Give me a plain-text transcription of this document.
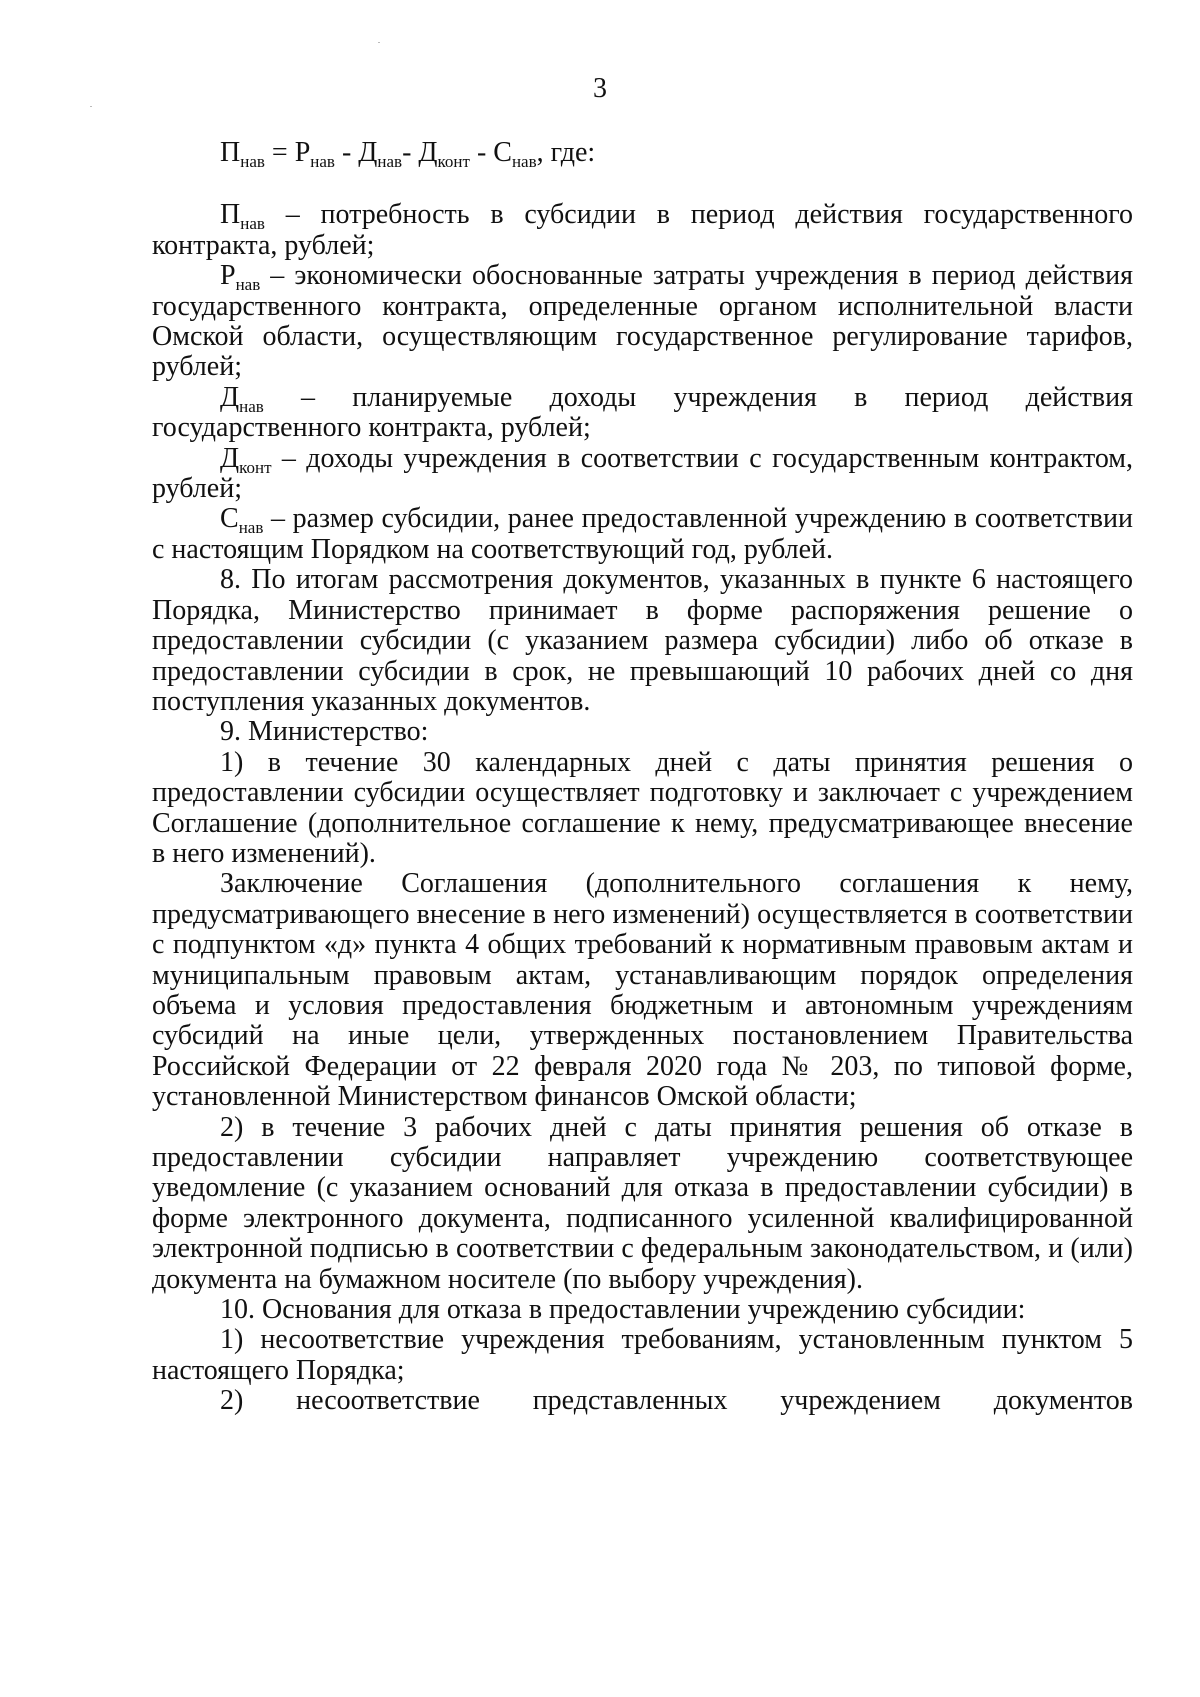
3
$П_{нав} = Р_{нав} - Д_{нав}-$ $Д_{конт} - С_{нав}$, где:

$П_{нав}$ – потребность в субсидии в период действия государственного контракта, рублей;

$Р_{нав}$ – экономически обоснованные затраты учреждения в период действия государственного контракта, определенные органом исполнительной власти Омской области, осуществляющим государственное регулирование тарифов, рублей;

$Д_{нав}$ – планируемые доходы учреждения в период действия государственного контракта, рублей;

$Д_{конт}$ – доходы учреждения в соответствии с государственным контрактом, рублей;

$С_{нав}$ – размер субсидии, ранее предоставленной учреждению в соответствии с настоящим Порядком на соответствующий год, рублей.

8. По итогам рассмотрения документов, указанных в пункте 6 настоящего Порядка, Министерство принимает в форме распоряжения решение о предоставлении субсидии (с указанием размера субсидии) либо об отказе в предоставлении субсидии в срок, не превышающий 10 рабочих дней со дня поступления указанных документов.

9. Министерство:

1) в течение 30 календарных дней с даты принятия решения о предоставлении субсидии осуществляет подготовку и заключает с учреждением Соглашение (дополнительное соглашение к нему, предусматривающее внесение в него изменений).

Заключение Соглашения (дополнительного соглашения к нему, предусматривающего внесение в него изменений) осуществляется в соответствии с подпунктом «д» пункта 4 общих требований к нормативным правовым актам и муниципальным правовым актам, устанавливающим порядок определения объема и условия предоставления бюджетным и автономным учреждениям субсидий на иные цели, утвержденных постановлением Правительства Российской Федерации от 22 февраля 2020 года № 203, по типовой форме, установленной Министерством финансов Омской области;

2) в течение 3 рабочих дней с даты принятия решения об отказе в предоставлении субсидии направляет учреждению соответствующее уведомление (с указанием оснований для отказа в предоставлении субсидии) в форме электронного документа, подписанного усиленной квалифицированной электронной подписью в соответствии с федеральным законодательством, и (или) документа на бумажном носителе (по выбору учреждения).

10. Основания для отказа в предоставлении учреждению субсидии:

1) несоответствие учреждения требованиям, установленным пунктом 5 настоящего Порядка;

2) несоответствие представленных учреждением документов
